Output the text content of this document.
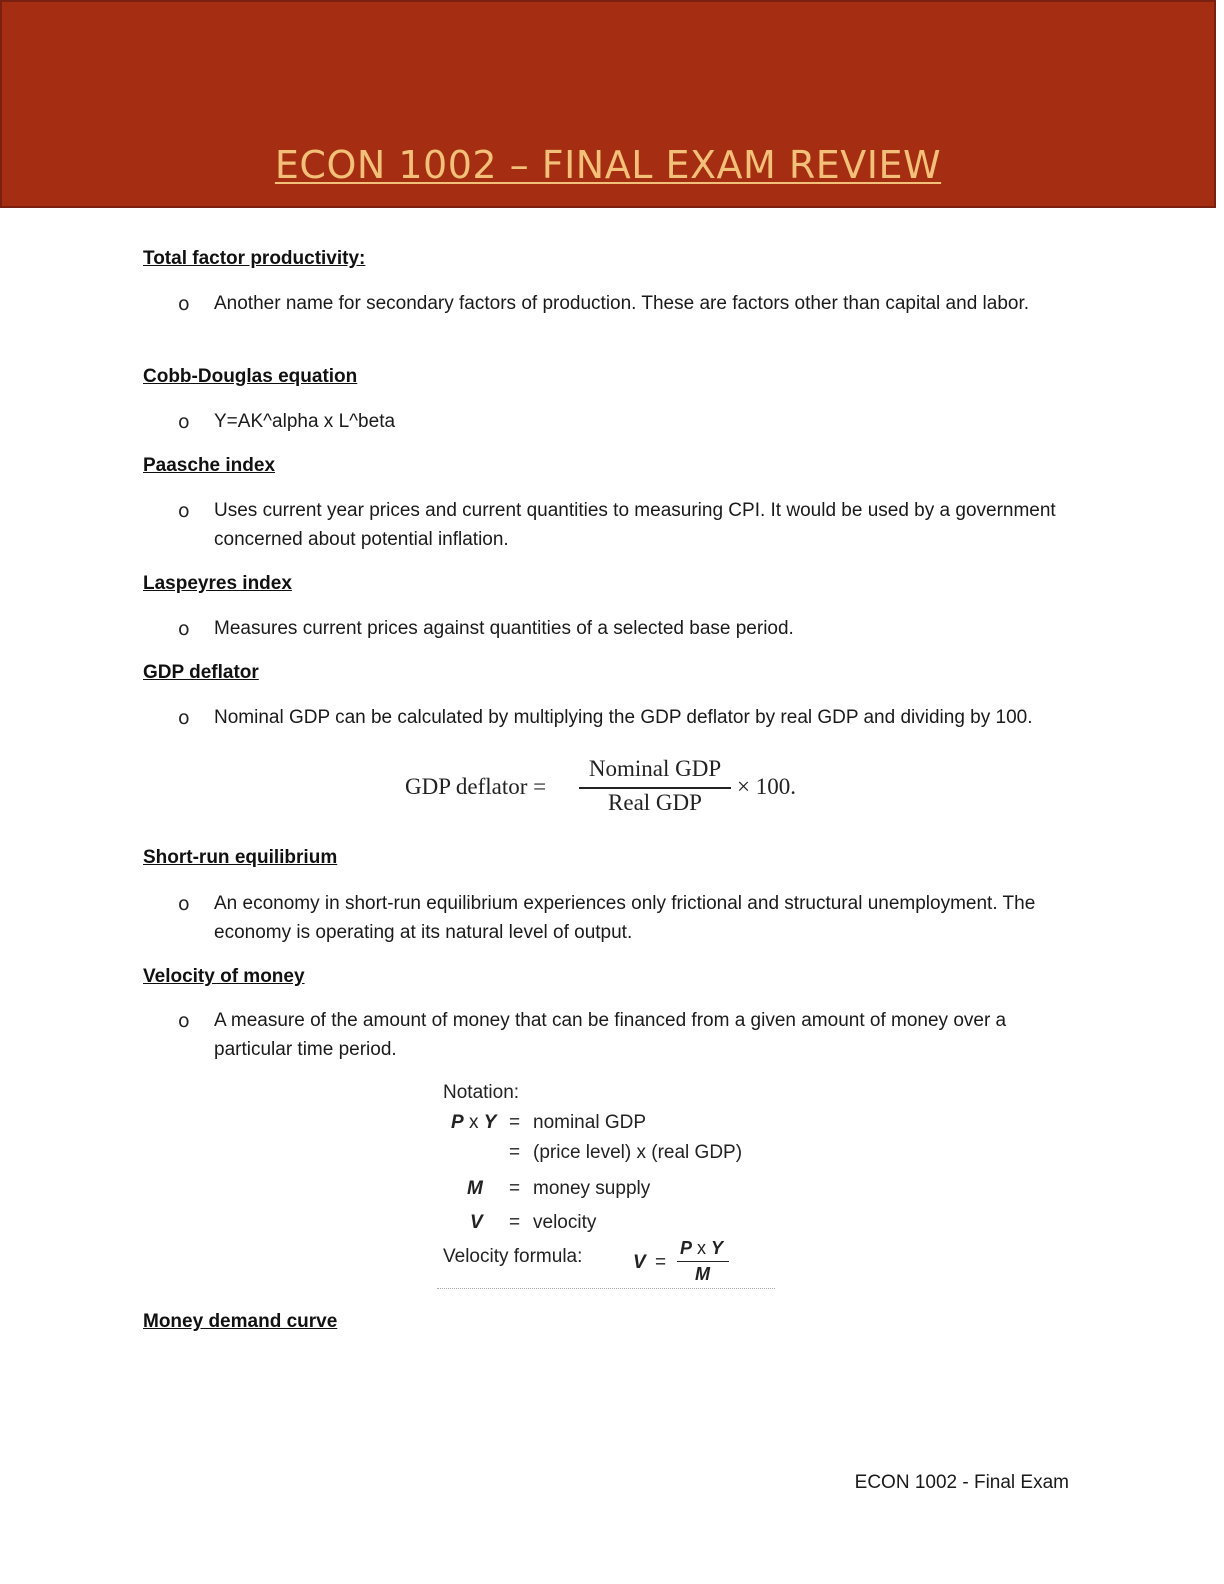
ECON 1002 – FINAL EXAM REVIEW
Total factor productivity:
o Another name for secondary factors of production. These are factors other than capital and labor.
Cobb-Douglas equation
o Y=AK^alpha x L^beta
Paasche index
o Uses current year prices and current quantities to measuring CPI. It would be used by a government concerned about potential inflation.
Laspeyres index
o Measures current prices against quantities of a selected base period.
GDP deflator
o Nominal GDP can be calculated by multiplying the GDP deflator by real GDP and dividing by 100.
GDP deflator =
Nominal GDP
Real GDP
× 100.
Short-run equilibrium
o An economy in short-run equilibrium experiences only frictional and structural unemployment. The economy is operating at its natural level of output.
Velocity of money
o A measure of the amount of money that can be financed from a given amount of money over a particular time period.
Notation:
P x Y = nominal GDP
= (price level) x (real GDP)
M = money supply
V = velocity
Velocity formula:	V =
P x Y
M
Money demand curve
ECON 1002 - Final Exam
